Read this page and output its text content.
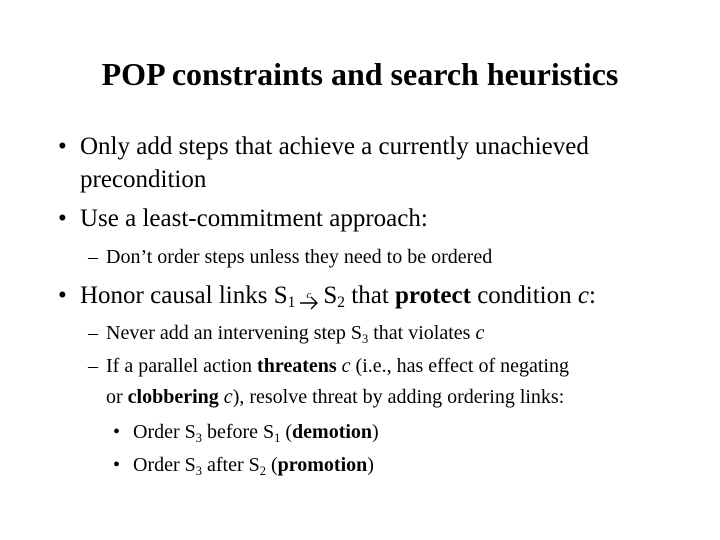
POP constraints and search heuristics
• Only add steps that achieve a currently unachieved
precondition
• Use a least-commitment approach:
– Don’t order steps unless they need to be ordered
• Honor causal links $S_1$ c $S_2$ that protect condition c:
– Never add an intervening step $S_3$ that violates c
– If a parallel action threatens c (i.e., has effect of negating
or clobbering c), resolve threat by adding ordering links:
• Order $S_3$ before $S_1$ (demotion)
• Order $S_3$ after $S_2$ (promotion)
